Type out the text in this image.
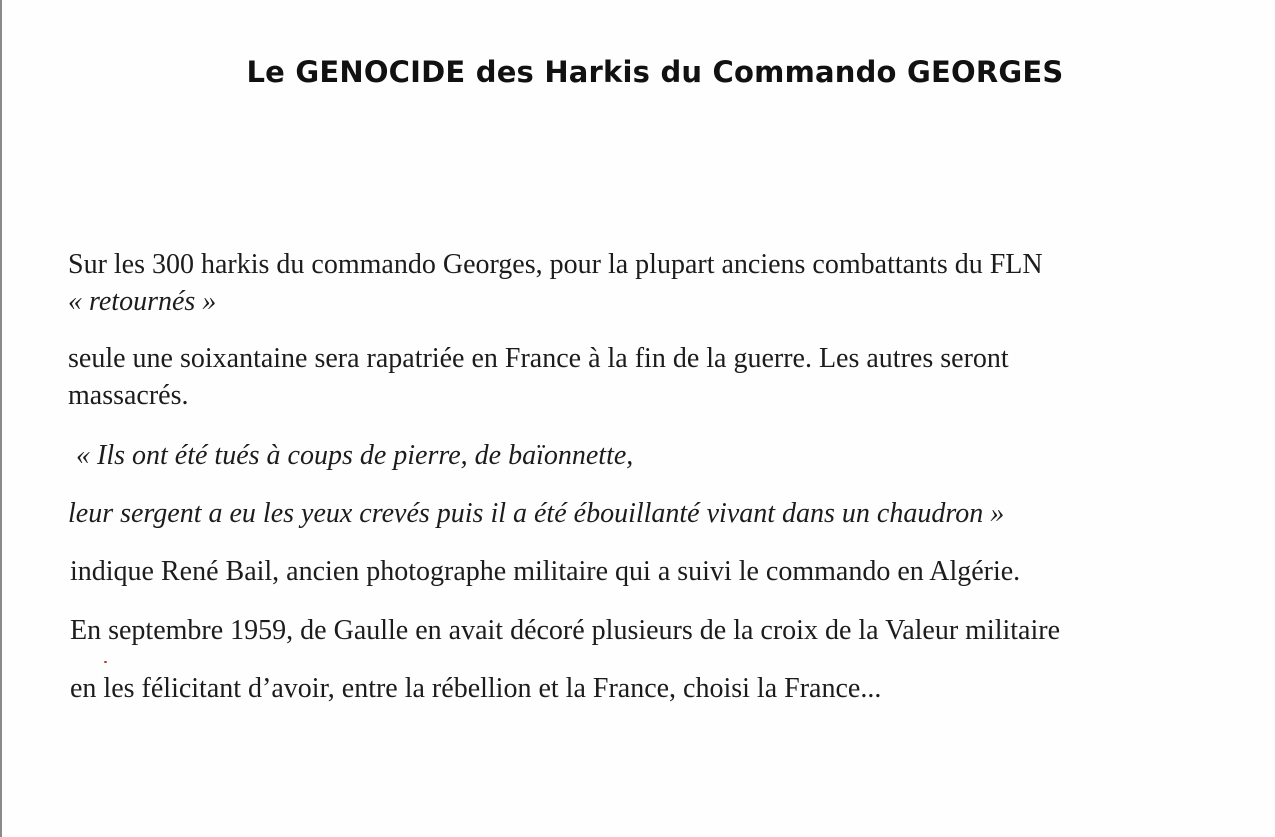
Le GENOCIDE des Harkis du Commando GEORGES
Sur les 300 harkis du commando Georges, pour la plupart anciens combattants du FLN
« retournés »
seule une soixantaine sera rapatriée en France à la fin de la guerre. Les autres seront
massacrés.
« Ils ont été tués à coups de pierre, de baïonnette,
leur sergent a eu les yeux crevés puis il a été ébouillanté vivant dans un chaudron »
indique René Bail, ancien photographe militaire qui a suivi le commando en Algérie.
En septembre 1959, de Gaulle en avait décoré plusieurs de la croix de la Valeur militaire
en les félicitant d’avoir, entre la rébellion et la France, choisi la France...
